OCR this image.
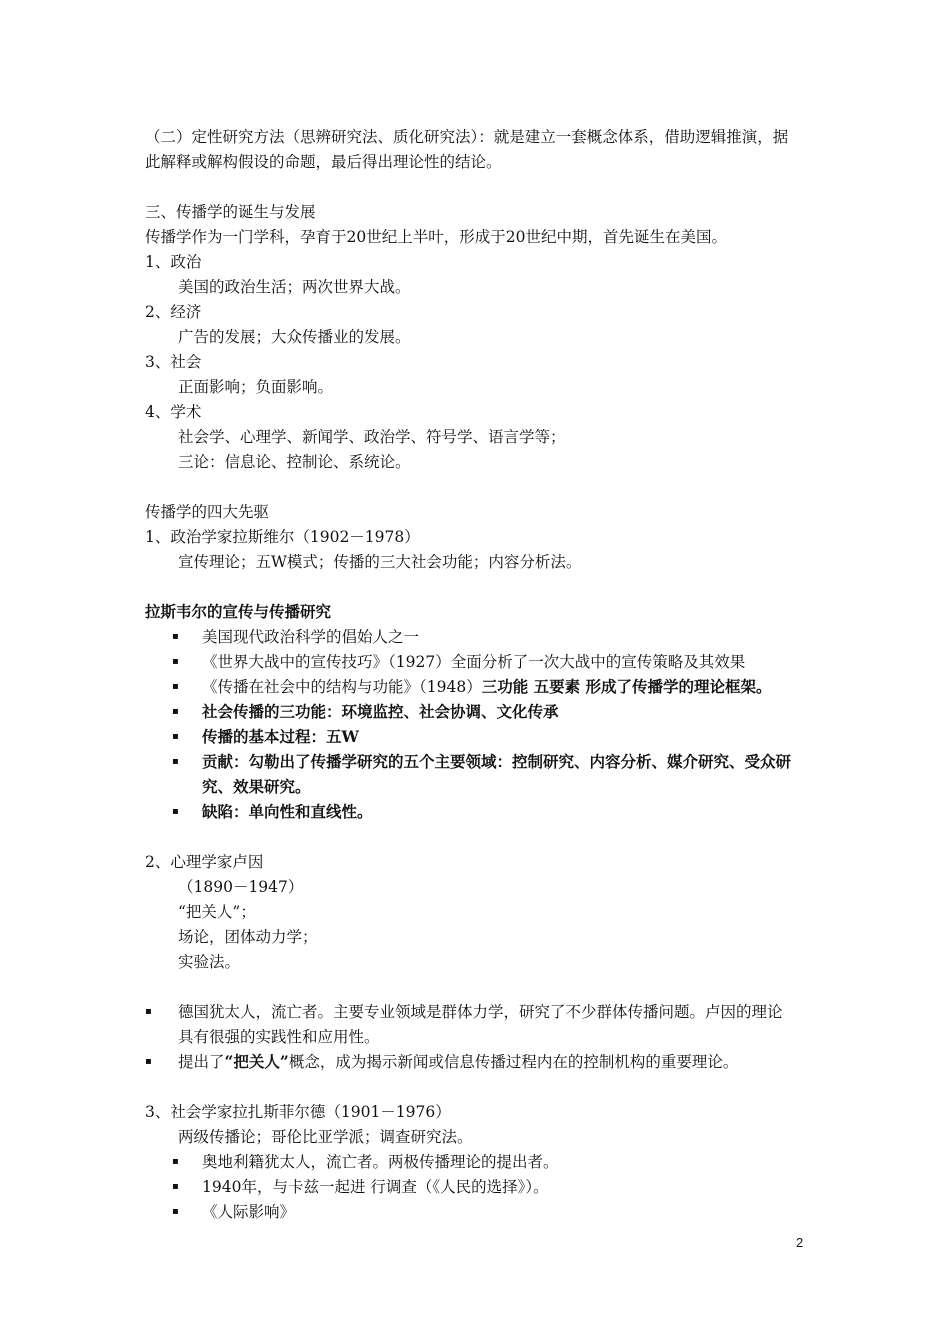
（二）定性研究方法（思辨研究法、质化研究法）：就是建立一套概念体系，借助逻辑推演，据
此解释或解构假设的命题，最后得出理论性的结论。
三、传播学的诞生与发展
传播学作为一门学科，孕育于20世纪上半叶，形成于20世纪中期，首先诞生在美国。
1、政治
美国的政治生活；两次世界大战。
2、经济
广告的发展；大众传播业的发展。
3、社会
正面影响；负面影响。
4、学术
社会学、心理学、新闻学、政治学、符号学、语言学等；
三论：信息论、控制论、系统论。
传播学的四大先驱
1、政治学家拉斯维尔（1902－1978）
宣传理论；五W模式；传播的三大社会功能；内容分析法。
拉斯韦尔的宣传与传播研究
▪ 美国现代政治科学的倡始人之一
▪ 《世界大战中的宣传技巧》（1927）全面分析了一次大战中的宣传策略及其效果
▪ 《传播在社会中的结构与功能》（1948）三功能 五要素 形成了传播学的理论框架。
▪ 社会传播的三功能：环境监控、社会协调、文化传承
▪ 传播的基本过程：五W
▪ 贡献：勾勒出了传播学研究的五个主要领域：控制研究、内容分析、媒介研究、受众研
究、效果研究。
▪ 缺陷：单向性和直线性。
2、心理学家卢因
（1890－1947）
“把关人”；
场论，团体动力学；
实验法。
▪ 德国犹太人，流亡者。主要专业领域是群体力学，研究了不少群体传播问题。卢因的理论
具有很强的实践性和应用性。
▪ 提出了“把关人”概念，成为揭示新闻或信息传播过程内在的控制机构的重要理论。
3、社会学家拉扎斯菲尔德（1901－1976）
两级传播论；哥伦比亚学派；调查研究法。
▪ 奥地利籍犹太人，流亡者。两极传播理论的提出者。
▪ 1940年，与卡兹一起进 行调查（《人民的选择》）。
▪ 《人际影响》
2
